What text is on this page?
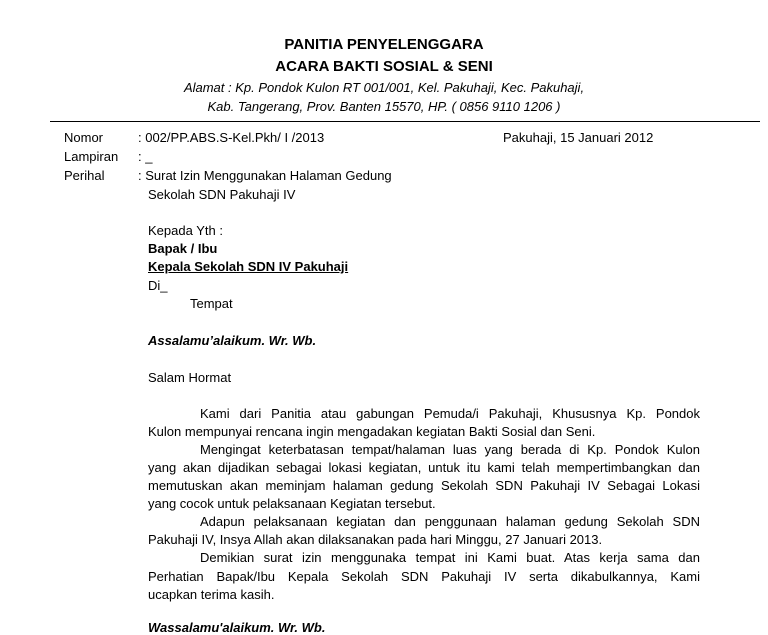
PANITIA PENYELENGGARA
ACARA BAKTI SOSIAL & SENI
Alamat : Kp. Pondok Kulon RT 001/001, Kel. Pakuhaji, Kec. Pakuhaji,
Kab. Tangerang, Prov. Banten 15570, HP. ( 0856 9110 1206 )
Nomor	: 002/PP.ABS.S-Kel.Pkh/ I /2013	Pakuhaji, 15 Januari 2012
Lampiran : _
Perihal	: Surat Izin Menggunakan Halaman Gedung
Sekolah SDN Pakuhaji IV
Kepada Yth :
Bapak / Ibu
Kepala Sekolah SDN IV Pakuhaji
Di_
Tempat
Assalamu’alaikum. Wr. Wb.
Salam Hormat
Kami dari Panitia atau gabungan Pemuda/i Pakuhaji, Khususnya Kp. Pondok
Kulon mempunyai rencana ingin mengadakan kegiatan Bakti Sosial dan Seni.
Mengingat keterbatasan tempat/halaman luas yang berada di Kp. Pondok Kulon
yang akan dijadikan sebagai lokasi kegiatan, untuk itu kami telah mempertimbangkan dan
memutuskan akan meminjam halaman gedung Sekolah SDN Pakuhaji IV Sebagai Lokasi
yang cocok untuk pelaksanaan Kegiatan tersebut.
Adapun pelaksanaan kegiatan dan penggunaan halaman gedung Sekolah SDN
Pakuhaji IV, Insya Allah akan dilaksanakan pada hari Minggu, 27 Januari 2013.
Demikian surat izin menggunaka tempat ini Kami buat. Atas kerja sama dan
Perhatian Bapak/Ibu Kepala Sekolah SDN Pakuhaji IV serta dikabulkannya, Kami
ucapkan terima kasih.
Wassalamu'alaikum. Wr. Wb.
